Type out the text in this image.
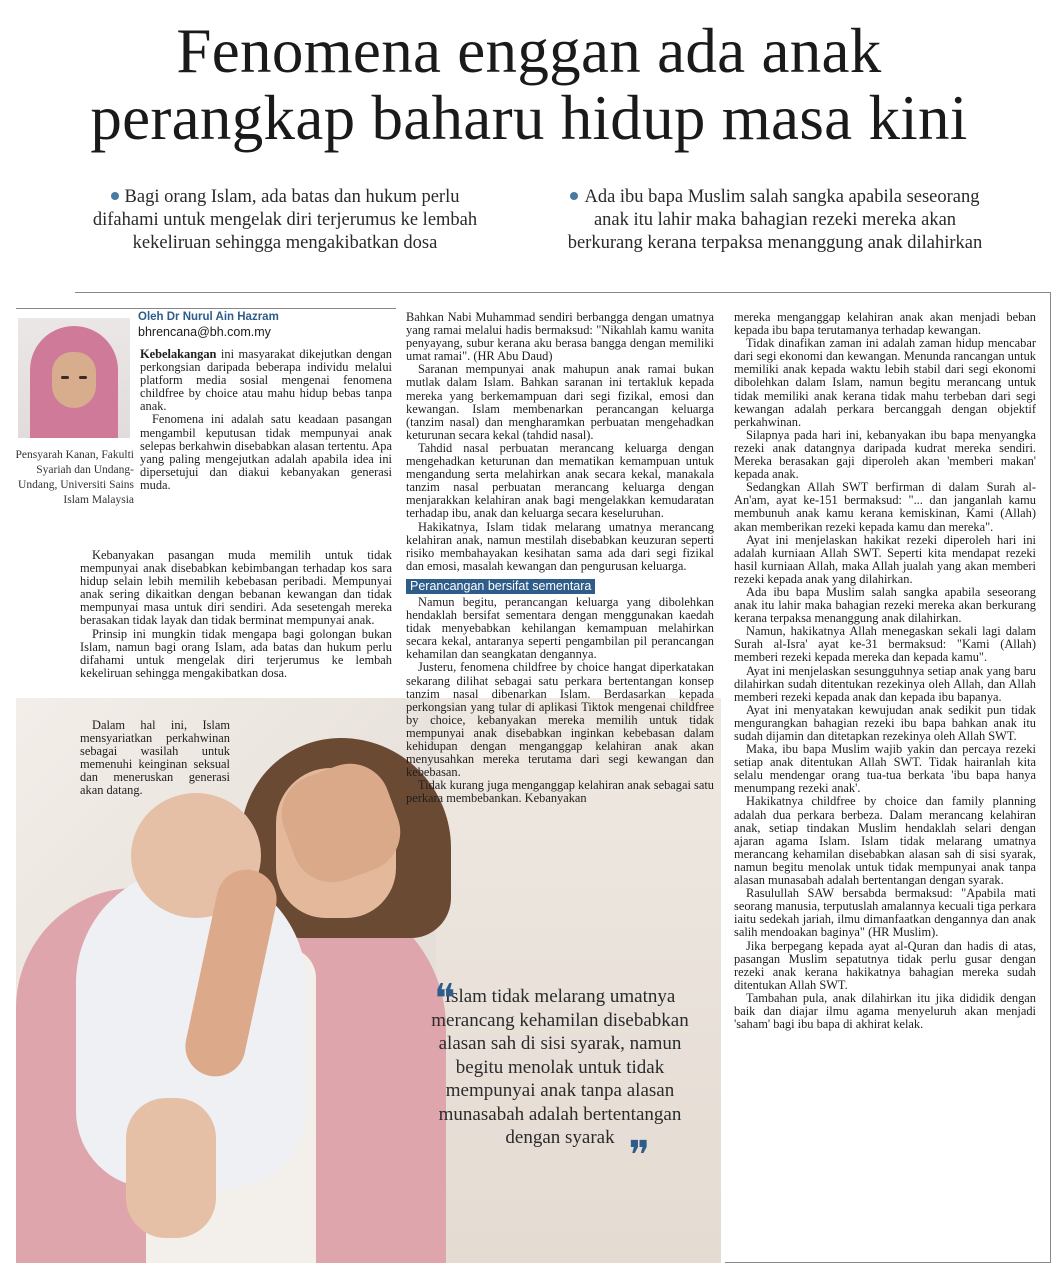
Fenomena enggan ada anak
perangkap baharu hidup masa kini
Bagi orang Islam, ada batas dan hukum perlu difahami untuk mengelak diri terjerumus ke lembah kekeliruan sehingga mengakibatkan dosa
Ada ibu bapa Muslim salah sangka apabila seseorang anak itu lahir maka bahagian rezeki mereka akan berkurang kerana terpaksa menanggung anak dilahirkan
Oleh Dr Nurul Ain Hazram
bhrencana@bh.com.my
Pensyarah Kanan, Fakulti Syariah dan Undang-Undang, Universiti Sains Islam Malaysia

Kebelakangan ini masyarakat dikejutkan dengan perkongsian daripada beberapa individu melalui platform media sosial mengenai fenomena childfree by choice atau mahu hidup bebas tanpa anak.

Fenomena ini adalah satu keadaan pasangan mengambil keputusan tidak mempunyai anak selepas berkahwin disebabkan alasan tertentu. Apa yang paling mengejutkan adalah apabila idea ini dipersetujui dan diakui kebanyakan generasi muda.

Kebanyakan pasangan muda memilih untuk tidak mempunyai anak disebabkan kebimbangan terhadap kos sara hidup selain lebih memilih kebebasan peribadi. Mempunyai anak sering dikaitkan dengan bebanan kewangan dan tidak mempunyai masa untuk diri sendiri. Ada sesetengah mereka berasakan tidak layak dan tidak berminat mempunyai anak.

Prinsip ini mungkin tidak mengapa bagi golongan bukan Islam, namun bagi orang Islam, ada batas dan hukum perlu difahami untuk mengelak diri terjerumus ke lembah kekeliruan sehingga mengakibatkan dosa.

Dalam hal ini, Islam mensyariatkan perkahwinan sebagai wasilah untuk memenuhi keinginan seksual dan meneruskan generasi akan datang.

Bahkan Nabi Muhammad sendiri berbangga dengan umatnya yang ramai melalui hadis bermaksud: "Nikahlah kamu wanita penyayang, subur kerana aku berasa bangga dengan memiliki umat ramai". (HR Abu Daud)

Saranan mempunyai anak mahupun anak ramai bukan mutlak dalam Islam. Bahkan saranan ini tertakluk kepada mereka yang berkemampuan dari segi fizikal, emosi dan kewangan. Islam membenarkan perancangan keluarga (tanzim nasal) dan mengharamkan perbuatan mengehadkan keturunan secara kekal (tahdid nasal).

Tahdid nasal perbuatan merancang keluarga dengan mengehadkan keturunan dan mematikan kemampuan untuk mengandung serta melahirkan anak secara kekal, manakala tanzim nasal perbuatan merancang keluarga dengan menjarakkan kelahiran anak bagi mengelakkan kemudaratan terhadap ibu, anak dan keluarga secara keseluruhan.

Hakikatnya, Islam tidak melarang umatnya merancang kelahiran anak, namun mestilah disebabkan keuzuran seperti risiko membahayakan kesihatan sama ada dari segi fizikal dan emosi, masalah kewangan dan pengurusan keluarga.

Perancangan bersifat sementara

Namun begitu, perancangan keluarga yang dibolehkan hendaklah bersifat sementara dengan menggunakan kaedah tidak menyebabkan kehilangan kemampuan melahirkan secara kekal, antaranya seperti pengambilan pil perancangan kehamilan dan seangkatan dengannya.

Justeru, fenomena childfree by choice hangat diperkatakan sekarang dilihat sebagai satu perkara bertentangan konsep tanzim nasal dibenarkan Islam. Berdasarkan kepada perkongsian yang tular di aplikasi Tiktok mengenai childfree by choice, kebanyakan mereka memilih untuk tidak mempunyai anak disebabkan inginkan kebebasan dalam kehidupan dengan menganggap kelahiran anak akan menyusahkan mereka terutama dari segi kewangan dan kebebasan.

Tidak kurang juga menganggap kelahiran anak sebagai satu perkara membebankan. Kebanyakan

mereka menganggap kelahiran anak akan menjadi beban kepada ibu bapa terutamanya terhadap kewangan.

Tidak dinafikan zaman ini adalah zaman hidup mencabar dari segi ekonomi dan kewangan. Menunda rancangan untuk memiliki anak kepada waktu lebih stabil dari segi ekonomi dibolehkan dalam Islam, namun begitu merancang untuk tidak memiliki anak kerana tidak mahu terbeban dari segi kewangan adalah perkara bercanggah dengan objektif perkahwinan.

Silapnya pada hari ini, kebanyakan ibu bapa menyangka rezeki anak datangnya daripada kudrat mereka sendiri. Mereka berasakan gaji diperoleh akan 'memberi makan' kepada anak.

Sedangkan Allah SWT berfirman di dalam Surah al-An'am, ayat ke-151 bermaksud: "... dan janganlah kamu membunuh anak kamu kerana kemiskinan, Kami (Allah) akan memberikan rezeki kepada kamu dan mereka".

Ayat ini menjelaskan hakikat rezeki diperoleh hari ini adalah kurniaan Allah SWT. Seperti kita mendapat rezeki hasil kurniaan Allah, maka Allah jualah yang akan memberi rezeki kepada anak yang dilahirkan.

Ada ibu bapa Muslim salah sangka apabila seseorang anak itu lahir maka bahagian rezeki mereka akan berkurang kerana terpaksa menanggung anak dilahirkan.

Namun, hakikatnya Allah menegaskan sekali lagi dalam Surah al-Isra' ayat ke-31 bermaksud: "Kami (Allah) memberi rezeki kepada mereka dan kepada kamu".

Ayat ini menjelaskan sesungguhnya setiap anak yang baru dilahirkan sudah ditentukan rezekinya oleh Allah, dan Allah memberi rezeki kepada anak dan kepada ibu bapanya.

Ayat ini menyatakan kewujudan anak sedikit pun tidak mengurangkan bahagian rezeki ibu bapa bahkan anak itu sudah dijamin dan ditetapkan rezekinya oleh Allah SWT.

Maka, ibu bapa Muslim wajib yakin dan percaya rezeki setiap anak ditentukan Allah SWT. Tidak hairanlah kita selalu mendengar orang tua-tua berkata 'ibu bapa hanya menumpang rezeki anak'.

Hakikatnya childfree by choice dan family planning adalah dua perkara berbeza. Dalam merancang kelahiran anak, setiap tindakan Muslim hendaklah selari dengan ajaran agama Islam. Islam tidak melarang umatnya merancang kehamilan disebabkan alasan sah di sisi syarak, namun begitu menolak untuk tidak mempunyai anak tanpa alasan munasabah adalah bertentangan dengan syarak.

Rasulullah SAW bersabda bermaksud: "Apabila mati seorang manusia, terputuslah amalannya kecuali tiga perkara iaitu sedekah jariah, ilmu dimanfaatkan dengannya dan anak salih mendoakan baginya" (HR Muslim).

Jika berpegang kepada ayat al-Quran dan hadis di atas, pasangan Muslim sepatutnya tidak perlu gusar dengan rezeki anak kerana hakikatnya bahagian mereka sudah ditentukan Allah SWT.

Tambahan pula, anak dilahirkan itu jika dididik dengan baik dan diajar ilmu agama menyeluruh akan menjadi 'saham' bagi ibu bapa di akhirat kelak.

❝
Islam tidak melarang umatnya merancang kehamilan disebabkan alasan sah di sisi syarak, namun begitu menolak untuk tidak mempunyai anak tanpa alasan munasabah adalah bertentangan dengan syarak ❞
